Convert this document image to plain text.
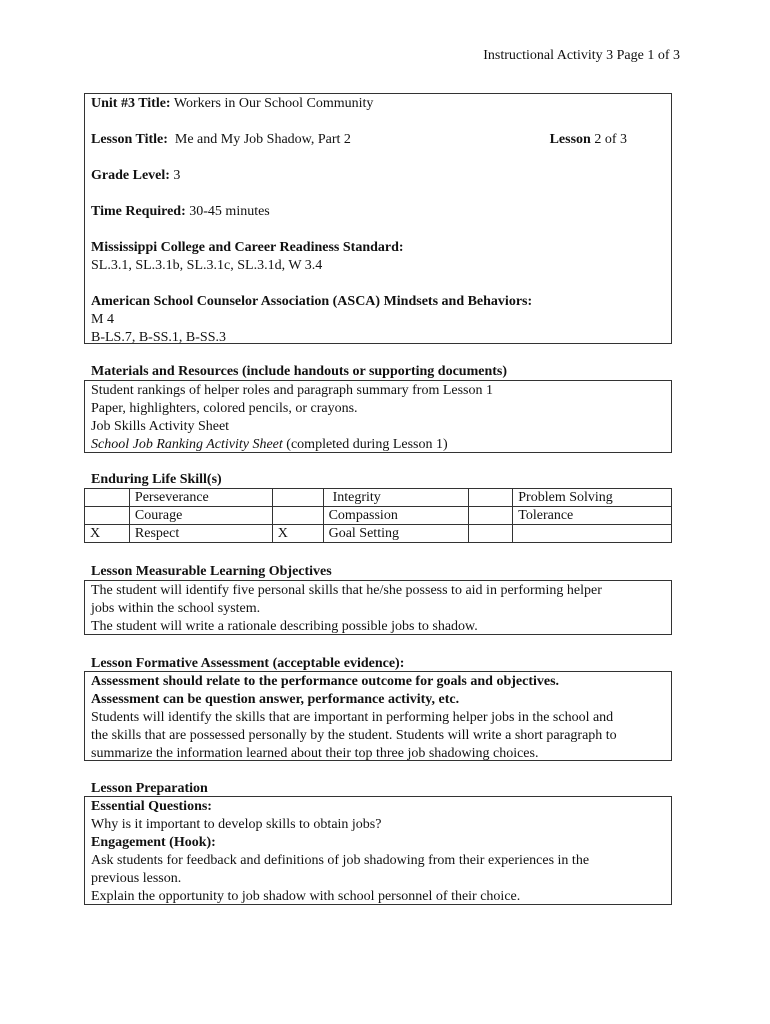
Instructional Activity 3 Page 1 of 3
Unit #3 Title: Workers in Our School Community
Lesson Title: Me and My Job Shadow, Part 2	Lesson 2 of 3
Grade Level: 3
Time Required: 30-45 minutes
Mississippi College and Career Readiness Standard:
SL.3.1, SL.3.1b, SL.3.1c, SL.3.1d, W 3.4
American School Counselor Association (ASCA) Mindsets and Behaviors:
M 4
B-LS.7, B-SS.1, B-SS.3
Materials and Resources (include handouts or supporting documents)
Student rankings of helper roles and paragraph summary from Lesson 1
Paper, highlighters, colored pencils, or crayons.
Job Skills Activity Sheet
School Job Ranking Activity Sheet (completed during Lesson 1)
Enduring Life Skill(s)
	Perseverance		Integrity		Problem Solving
	Courage		Compassion		Tolerance
X	Respect	X	Goal Setting		
Lesson Measurable Learning Objectives
The student will identify five personal skills that he/she possess to aid in performing helper
jobs within the school system.
The student will write a rationale describing possible jobs to shadow.
Lesson Formative Assessment (acceptable evidence):
Assessment should relate to the performance outcome for goals and objectives.
Assessment can be question answer, performance activity, etc.
Students will identify the skills that are important in performing helper jobs in the school and
the skills that are possessed personally by the student. Students will write a short paragraph to
summarize the information learned about their top three job shadowing choices.
Lesson Preparation
Essential Questions:
Why is it important to develop skills to obtain jobs?
Engagement (Hook):
Ask students for feedback and definitions of job shadowing from their experiences in the
previous lesson.
Explain the opportunity to job shadow with school personnel of their choice.
